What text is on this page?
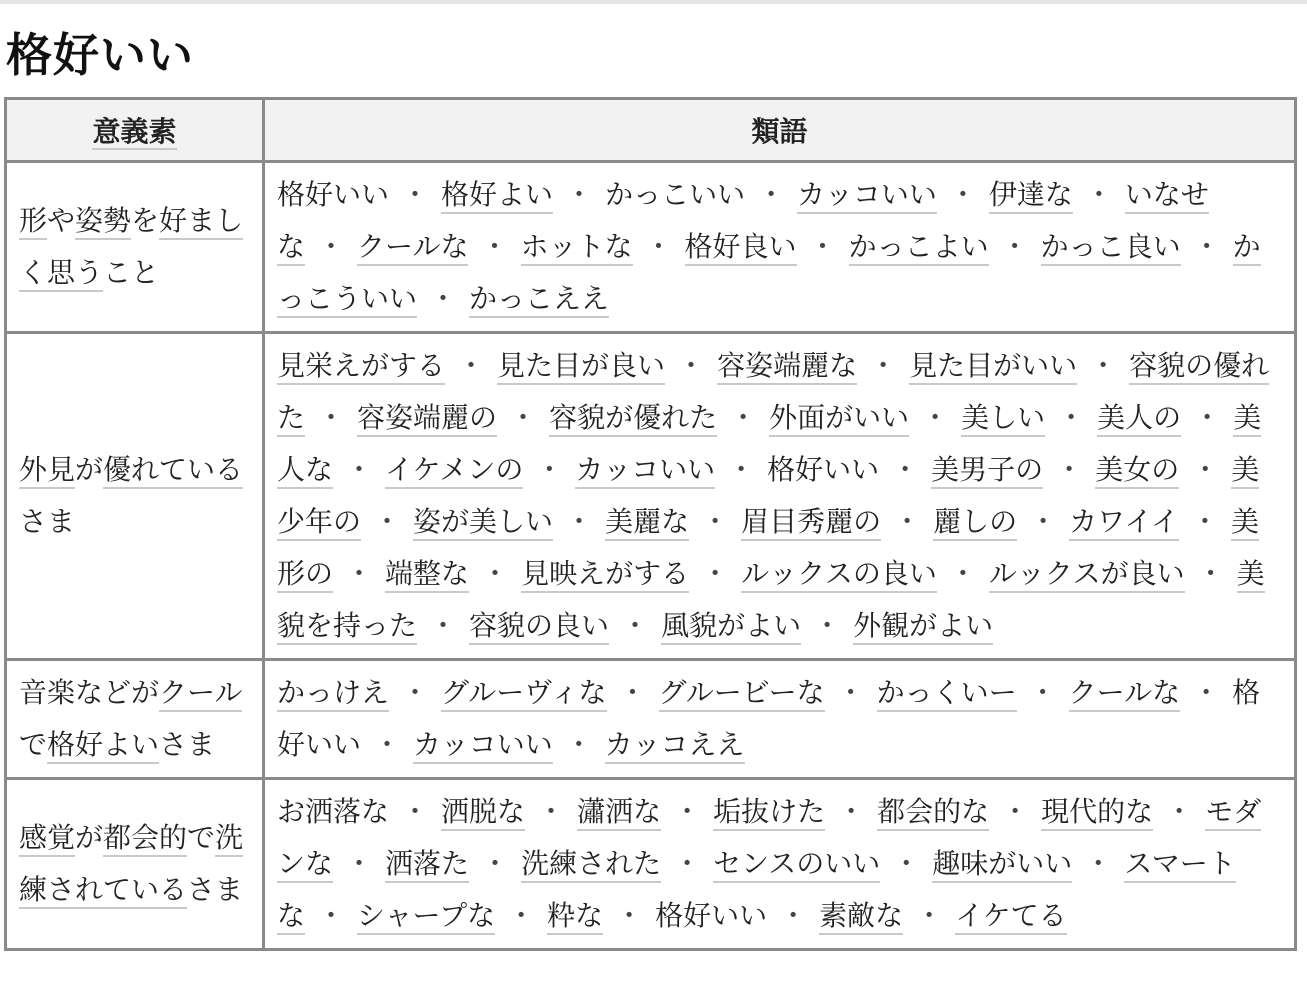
格好いい
意義素	類語
形や姿勢を好ましく思うこと	格好いい ・ 格好よい ・ かっこいい ・ カッコいい ・ 伊達な ・ いなせな ・ クールな ・ ホットな ・ 格好良い ・ かっこよい ・ かっこ良い ・ かっこういい ・ かっこええ
外見が優れているさま	見栄えがする ・ 見た目が良い ・ 容姿端麗な ・ 見た目がいい ・ 容貌の優れた ・ 容姿端麗の ・ 容貌が優れた ・ 外面がいい ・ 美しい ・ 美人の ・ 美人な ・ イケメンの ・ カッコいい ・ 格好いい ・ 美男子の ・ 美女の ・ 美少年の ・ 姿が美しい ・ 美麗な ・ 眉目秀麗の ・ 麗しの ・ カワイイ ・ 美形の ・ 端整な ・ 見映えがする ・ ルックスの良い ・ ルックスが良い ・ 美貌を持った ・ 容貌の良い ・ 風貌がよい ・ 外観がよい
音楽などがクールで格好よいさま	かっけえ ・ グルーヴィな ・ グルービーな ・ かっくいー ・ クールな ・ 格好いい ・ カッコいい ・ カッコええ
感覚が都会的で洗練されているさま	お洒落な ・ 洒脱な ・ 瀟洒な ・ 垢抜けた ・ 都会的な ・ 現代的な ・ モダンな ・ 洒落た ・ 洗練された ・ センスのいい ・ 趣味がいい ・ スマートな ・ シャープな ・ 粋な ・ 格好いい ・ 素敵な ・ イケてる
